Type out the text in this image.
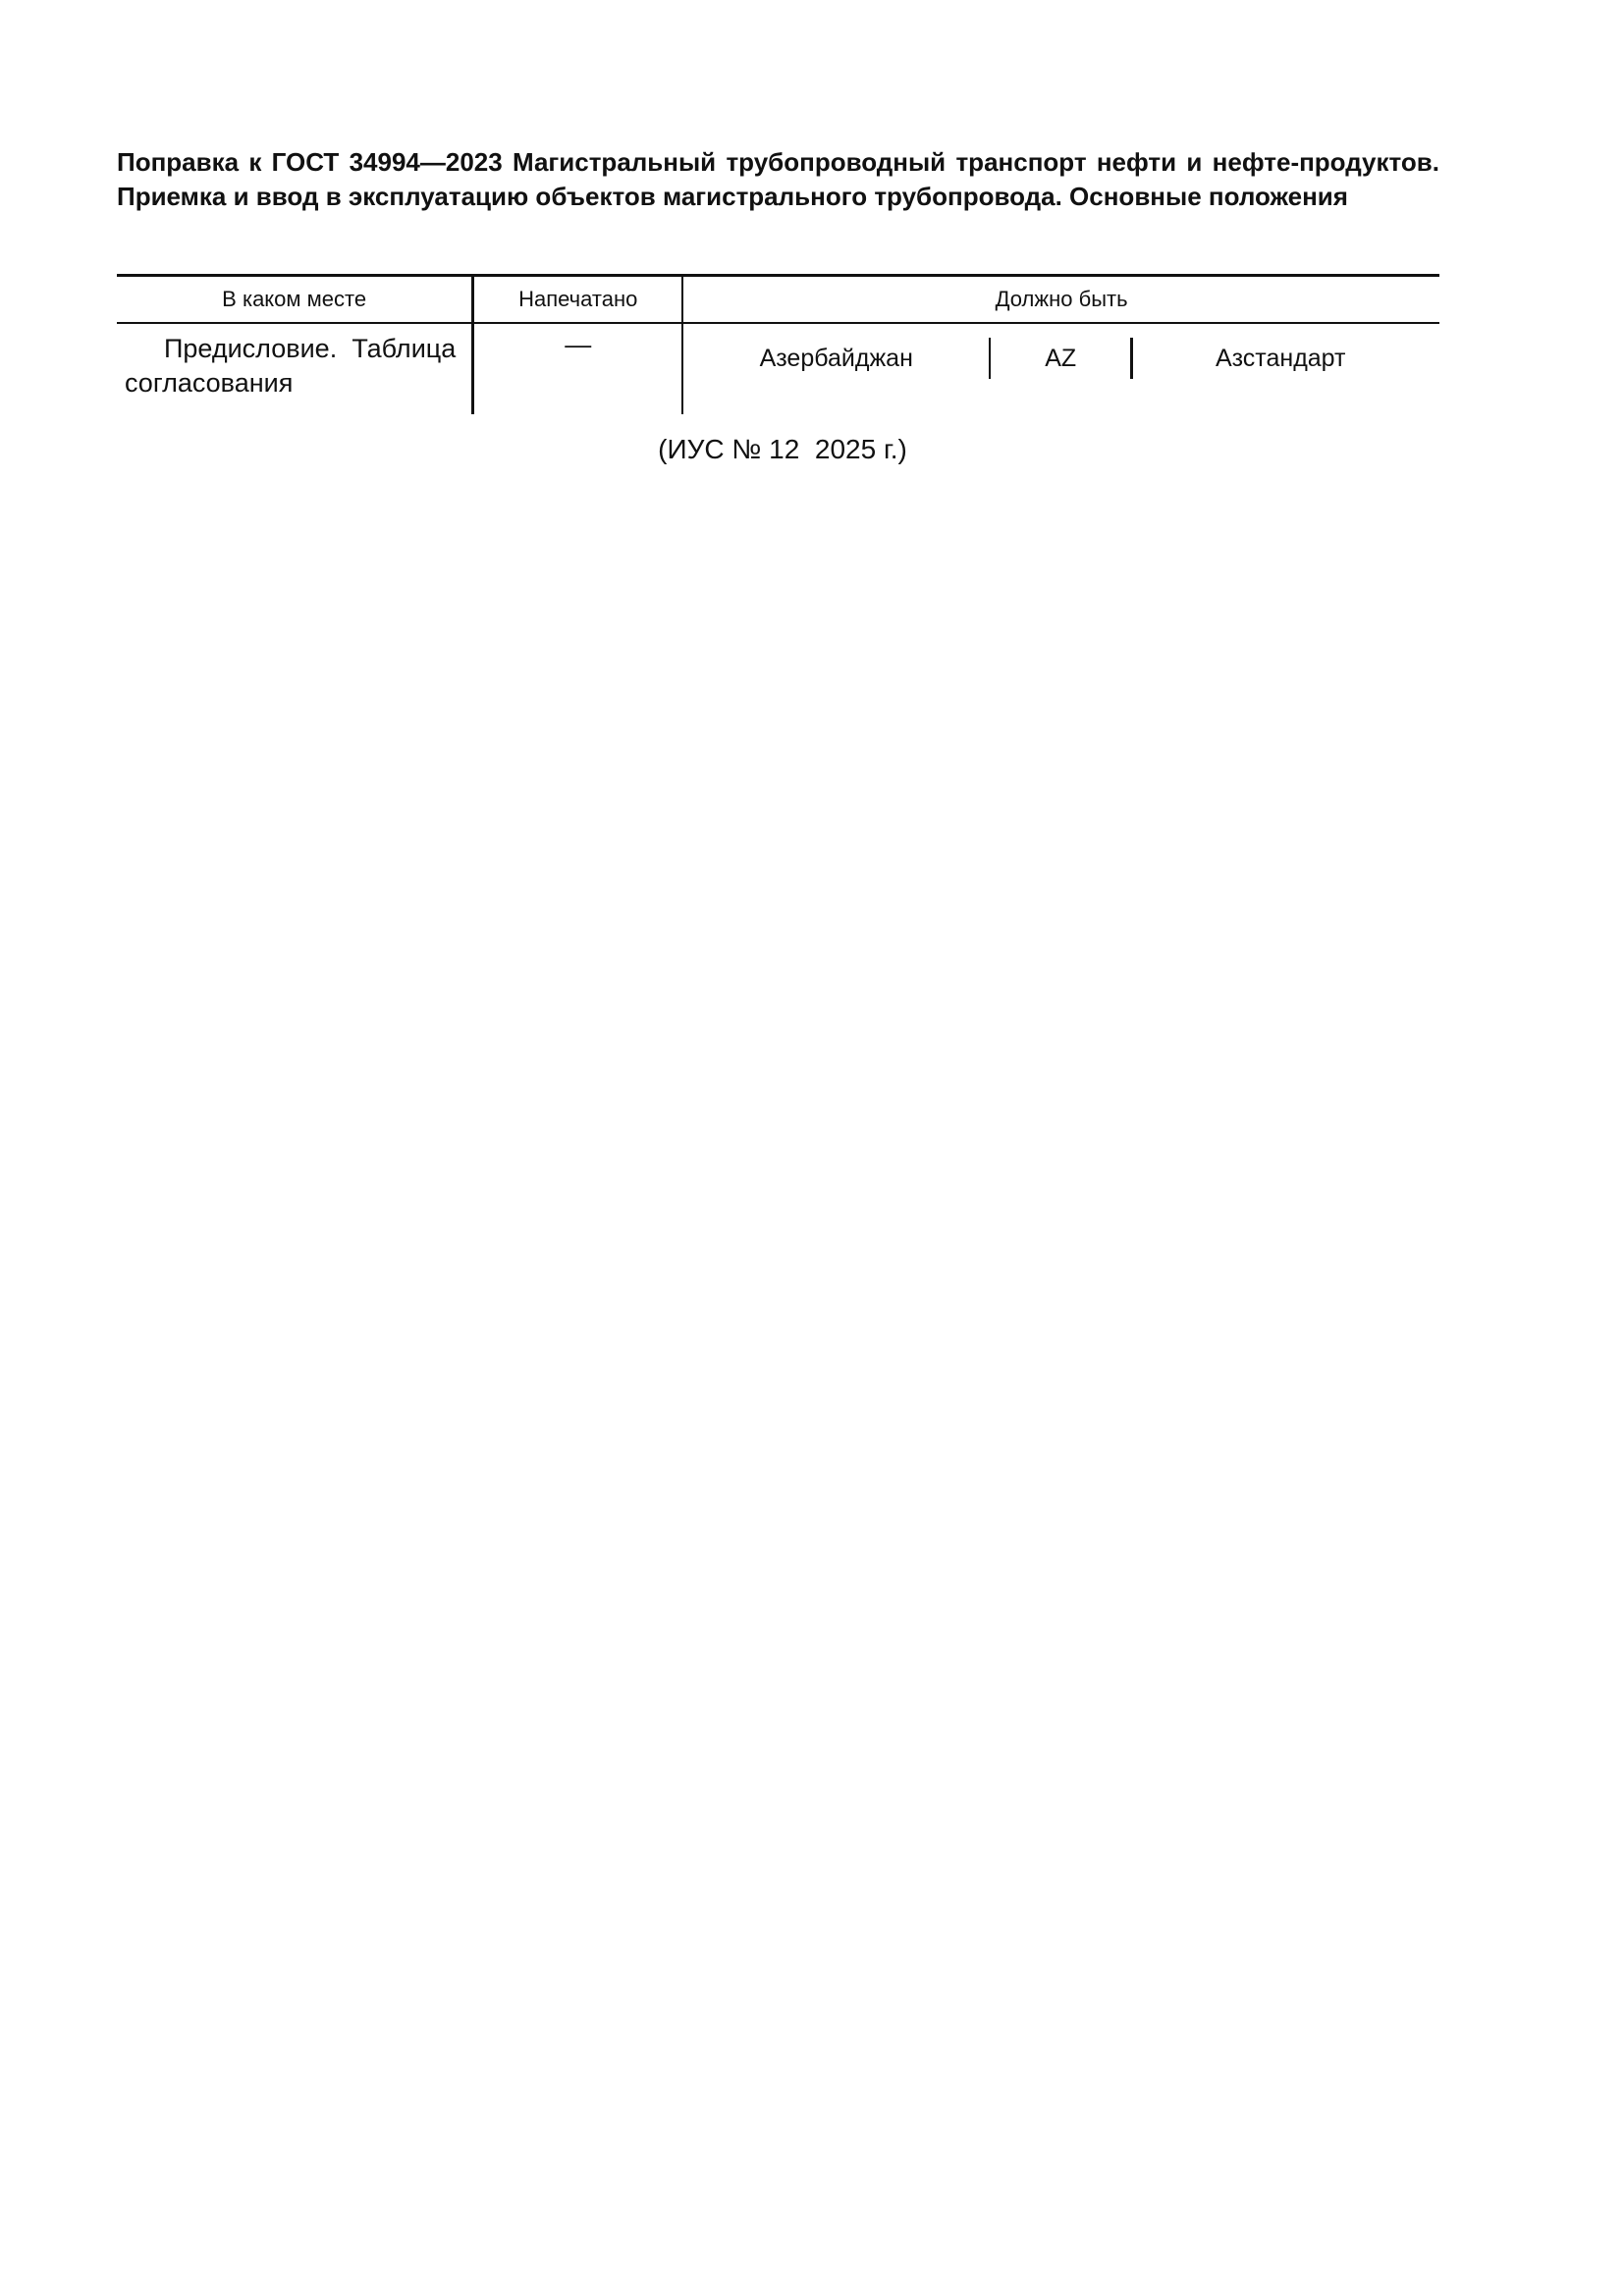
Поправка к ГОСТ 34994—2023 Магистральный трубопроводный транспорт нефти и нефте-продуктов. Приемка и ввод в эксплуатацию объектов магистрального трубопровода. Основные положения

В каком месте	Напечатано	Должно быть
Предисловие. Таблица согласования	—	Азербайджан AZ Азстандарт
(ИУС № 12  2025 г.)
